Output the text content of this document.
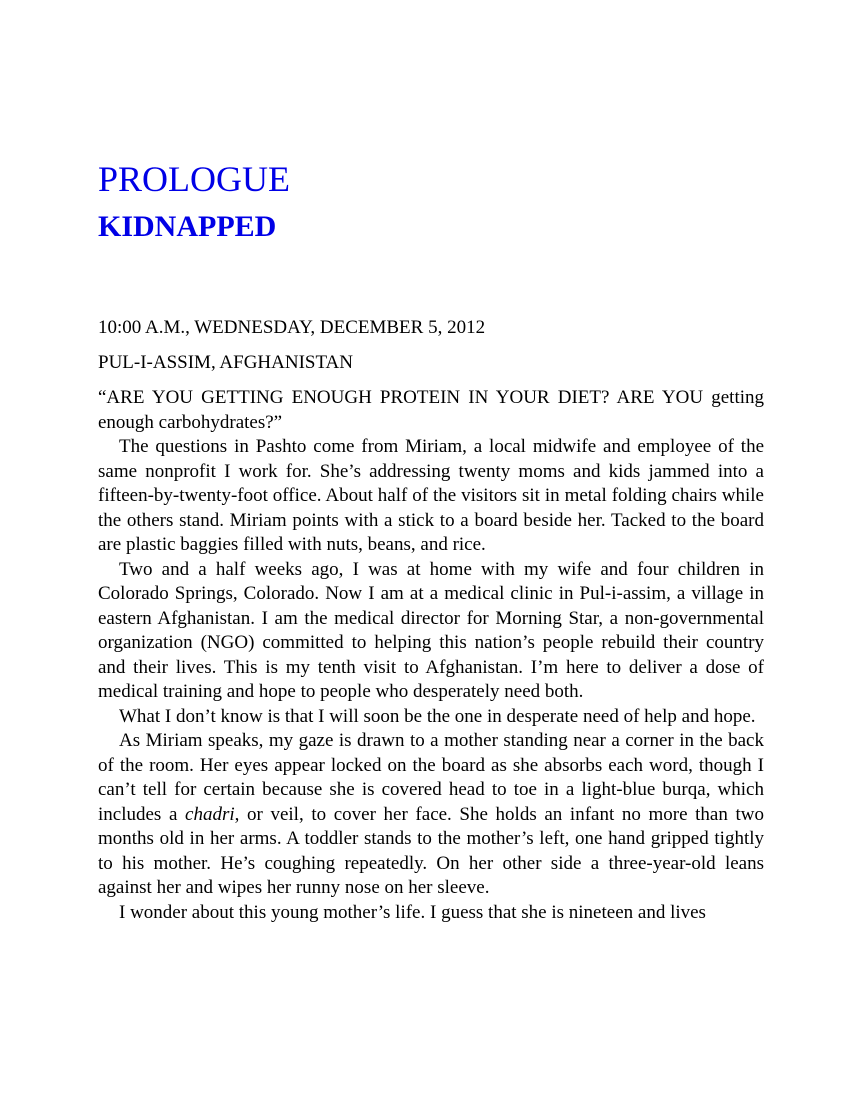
PROLOGUE
KIDNAPPED

10:00 A.M., WEDNESDAY, DECEMBER 5, 2012

PUL-I-ASSIM, AFGHANISTAN

“ARE YOU GETTING ENOUGH PROTEIN IN YOUR DIET? ARE YOU getting enough carbohydrates?”

The questions in Pashto come from Miriam, a local midwife and employee of the same nonprofit I work for. She’s addressing twenty moms and kids jammed into a fifteen-by-twenty-foot office. About half of the visitors sit in metal folding chairs while the others stand. Miriam points with a stick to a board beside her. Tacked to the board are plastic baggies filled with nuts, beans, and rice.

Two and a half weeks ago, I was at home with my wife and four children in Colorado Springs, Colorado. Now I am at a medical clinic in Pul-i-assim, a village in eastern Afghanistan. I am the medical director for Morning Star, a non-governmental organization (NGO) committed to helping this nation’s people rebuild their country and their lives. This is my tenth visit to Afghanistan. I’m here to deliver a dose of medical training and hope to people who desperately need both.

What I don’t know is that I will soon be the one in desperate need of help and hope.

As Miriam speaks, my gaze is drawn to a mother standing near a corner in the back of the room. Her eyes appear locked on the board as she absorbs each word, though I can’t tell for certain because she is covered head to toe in a light-blue burqa, which includes a chadri, or veil, to cover her face. She holds an infant no more than two months old in her arms. A toddler stands to the mother’s left, one hand gripped tightly to his mother. He’s coughing repeatedly. On her other side a three-year-old leans against her and wipes her runny nose on her sleeve.

I wonder about this young mother’s life. I guess that she is nineteen and lives
